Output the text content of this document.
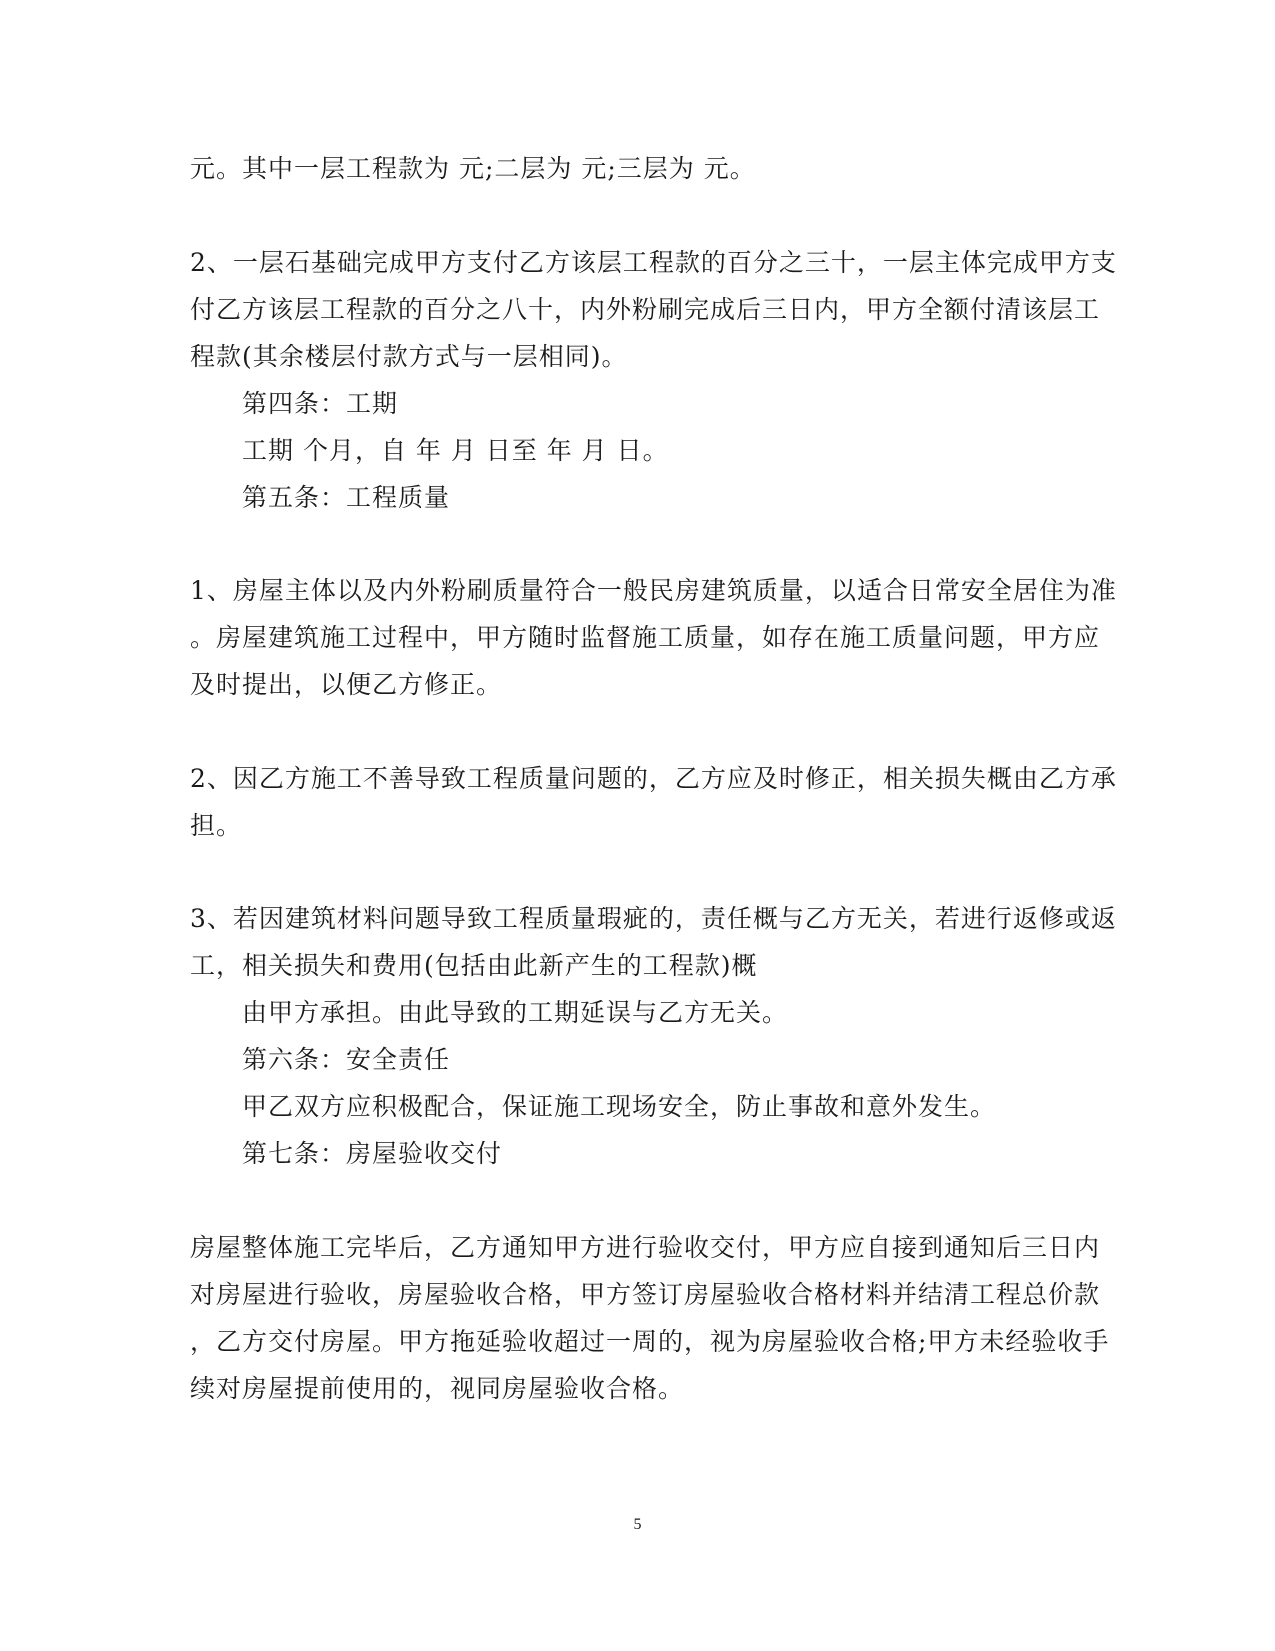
元。其中一层工程款为 元;二层为 元;三层为 元。
2、一层石基础完成甲方支付乙方该层工程款的百分之三十，一层主体完成甲方支
付乙方该层工程款的百分之八十，内外粉刷完成后三日内，甲方全额付清该层工
程款(其余楼层付款方式与一层相同)。
第四条：工期
工期 个月，自 年 月 日至 年 月 日。
第五条：工程质量
1、房屋主体以及内外粉刷质量符合一般民房建筑质量，以适合日常安全居住为准
。房屋建筑施工过程中，甲方随时监督施工质量，如存在施工质量问题，甲方应
及时提出，以便乙方修正。
2、因乙方施工不善导致工程质量问题的，乙方应及时修正，相关损失概由乙方承
担。
3、若因建筑材料问题导致工程质量瑕疵的，责任概与乙方无关，若进行返修或返
工，相关损失和费用(包括由此新产生的工程款)概
由甲方承担。由此导致的工期延误与乙方无关。
第六条：安全责任
甲乙双方应积极配合，保证施工现场安全，防止事故和意外发生。
第七条：房屋验收交付
房屋整体施工完毕后，乙方通知甲方进行验收交付，甲方应自接到通知后三日内
对房屋进行验收，房屋验收合格，甲方签订房屋验收合格材料并结清工程总价款
，乙方交付房屋。甲方拖延验收超过一周的，视为房屋验收合格;甲方未经验收手
续对房屋提前使用的，视同房屋验收合格。
5
